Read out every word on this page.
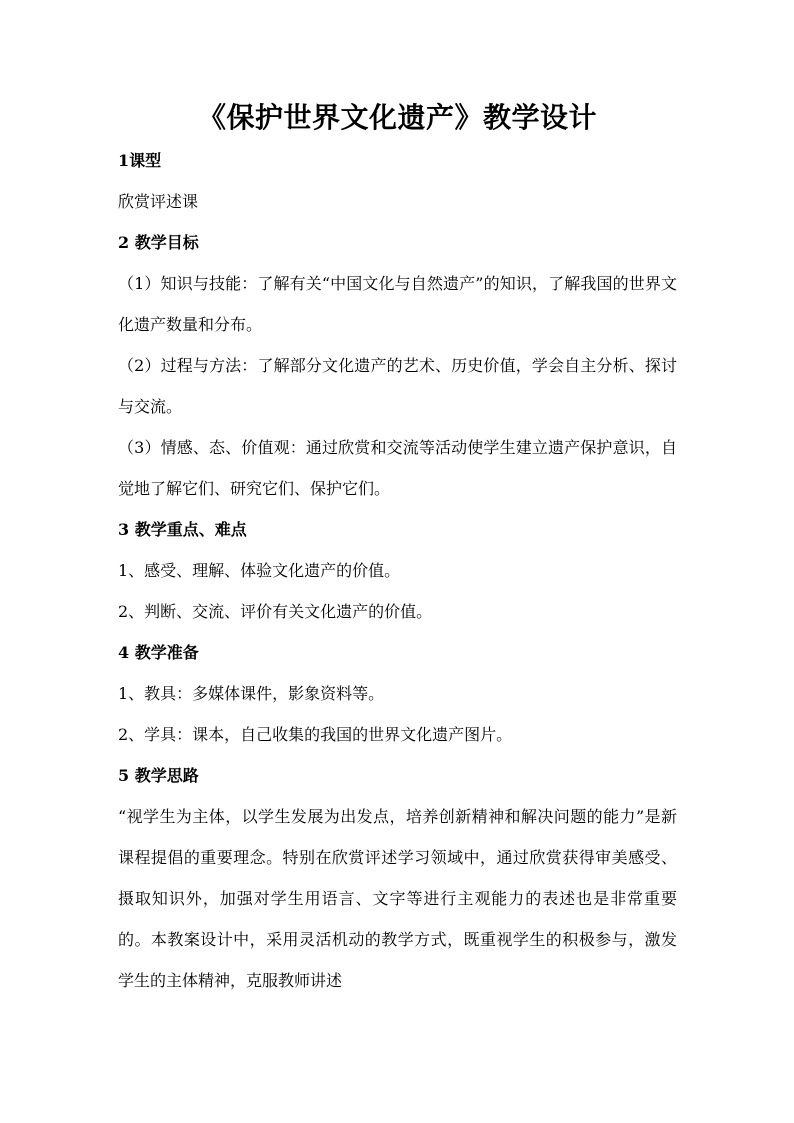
《保护世界文化遗产》教学设计
1课型

欣赏评述课

2 教学目标

（1）知识与技能：了解有关“中国文化与自然遗产”的知识，了解我国的世界文化遗产数量和分布。

（2）过程与方法：了解部分文化遗产的艺术、历史价值，学会自主分析、探讨与交流。

（3）情感、态、价值观：通过欣赏和交流等活动使学生建立遗产保护意识，自觉地了解它们、研究它们、保护它们。

3 教学重点、难点

1、感受、理解、体验文化遗产的价值。

2、判断、交流、评价有关文化遗产的价值。

4 教学准备

1、教具：多媒体课件，影象资料等。

2、学具：课本，自己收集的我国的世界文化遗产图片。

5 教学思路

“视学生为主体，以学生发展为出发点，培养创新精神和解决问题的能力”是新课程提倡的重要理念。特别在欣赏评述学习领域中，通过欣赏获得审美感受、摄取知识外，加强对学生用语言、文字等进行主观能力的表述也是非常重要的。本教案设计中，采用灵活机动的教学方式，既重视学生的积极参与，激发学生的主体精神，克服教师讲述
